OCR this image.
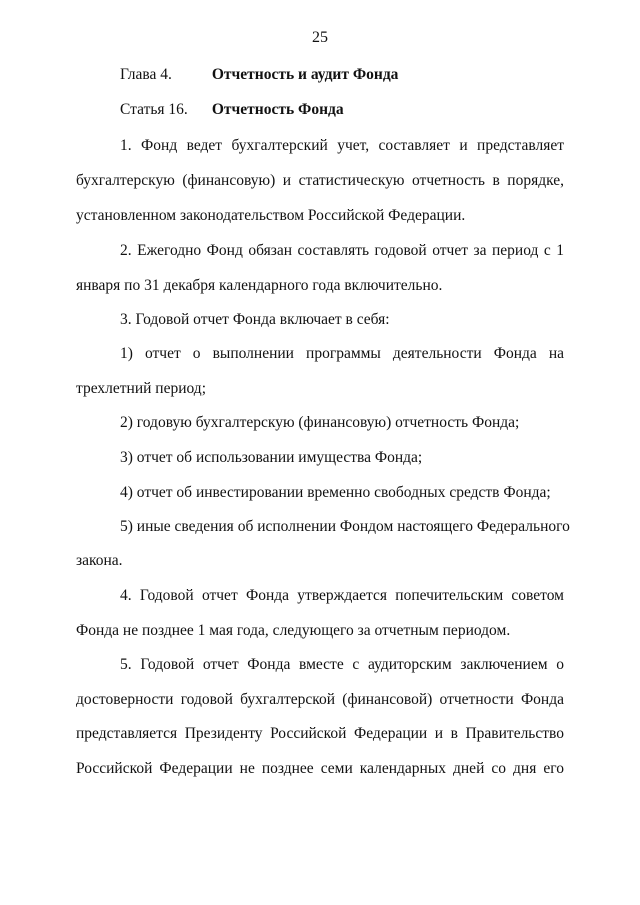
25
Глава 4.	Отчетность и аудит Фонда
Статья 16. Отчетность Фонда
1. Фонд ведет бухгалтерский учет, составляет и представляет
бухгалтерскую (финансовую) и статистическую отчетность в порядке,
установленном законодательством Российской Федерации.
2. Ежегодно Фонд обязан составлять годовой отчет за период с 1
января по 31 декабря календарного года включительно.
3. Годовой отчет Фонда включает в себя:
1) отчет о выполнении программы деятельности Фонда на
трехлетний период;
2) годовую бухгалтерскую (финансовую) отчетность Фонда;
3) отчет об использовании имущества Фонда;
4) отчет об инвестировании временно свободных средств Фонда;
5) иные сведения об исполнении Фондом настоящего Федерального
закона.
4. Годовой отчет Фонда утверждается попечительским советом
Фонда не позднее 1 мая года, следующего за отчетным периодом.
5. Годовой отчет Фонда вместе с аудиторским заключением о
достоверности годовой бухгалтерской (финансовой) отчетности Фонда
представляется Президенту Российской Федерации и в Правительство
Российской Федерации не позднее семи календарных дней со дня его
